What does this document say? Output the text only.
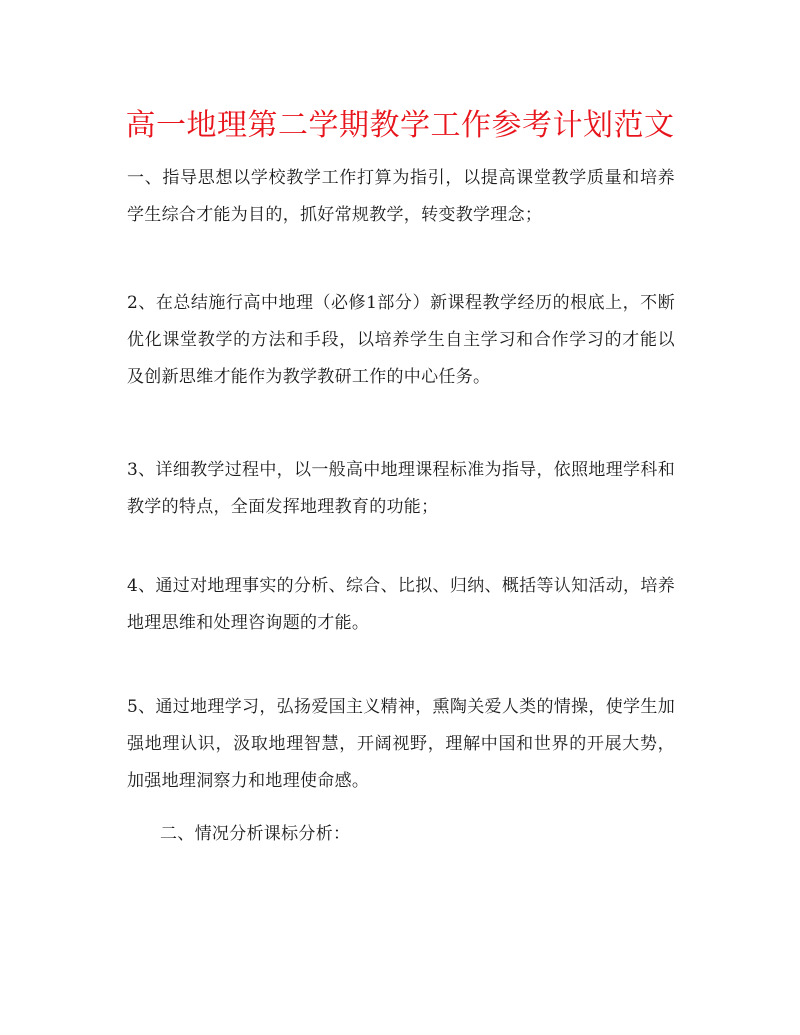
高一地理第二学期教学工作参考计划范文

一、指导思想以学校教学工作打算为指引，以提高课堂教学质量和培养学生综合才能为目的，抓好常规教学，转变教学理念；

2、在总结施行高中地理（必修1部分）新课程教学经历的根底上，不断优化课堂教学的方法和手段，以培养学生自主学习和合作学习的才能以及创新思维才能作为教学教研工作的中心任务。

3、详细教学过程中，以一般高中地理课程标准为指导，依照地理学科和教学的特点，全面发挥地理教育的功能；

4、通过对地理事实的分析、综合、比拟、归纳、概括等认知活动，培养地理思维和处理咨询题的才能。

5、通过地理学习，弘扬爱国主义精神，熏陶关爱人类的情操，使学生加强地理认识，汲取地理智慧，开阔视野，理解中国和世界的开展大势，加强地理洞察力和地理使命感。

二、情况分析课标分析：
